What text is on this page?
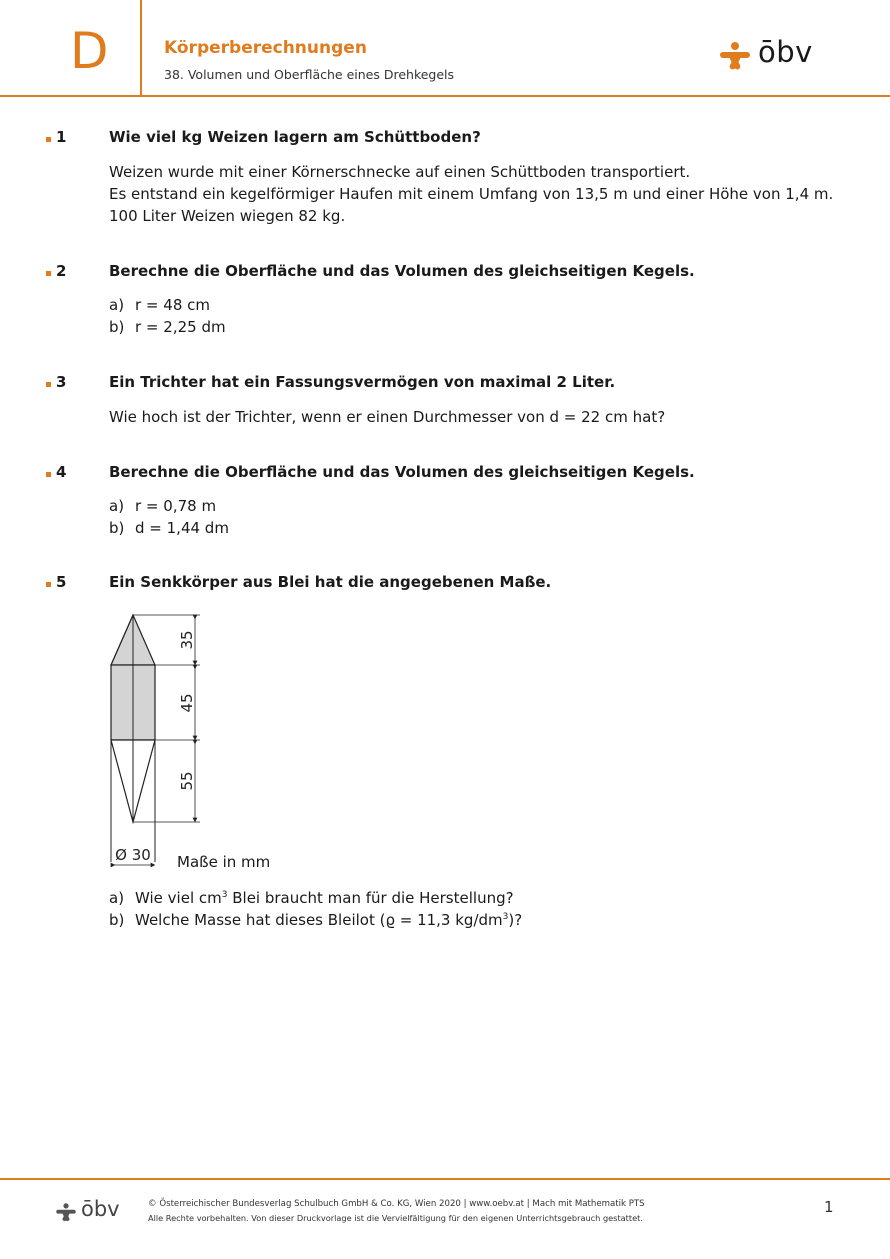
D	Körperberechnungen
38. Volumen und Oberfläche eines Drehkegels
ōbv
1	Wie viel kg Weizen lagern am Schüttboden?
Weizen wurde mit einer Körnerschnecke auf einen Schüttboden transportiert.
Es entstand ein kegelförmiger Haufen mit einem Umfang von 13,5 m und einer Höhe von 1,4 m.
100 Liter Weizen wiegen 82 kg.
2	Berechne die Oberfläche und das Volumen des gleichseitigen Kegels.
a) r = 48 cm
b) r = 2,25 dm
3	Ein Trichter hat ein Fassungsvermögen von maximal 2 Liter.
Wie hoch ist der Trichter, wenn er einen Durchmesser von d = 22 cm hat?
4	Berechne die Oberfläche und das Volumen des gleichseitigen Kegels.
a) r = 0,78 m
b) d = 1,44 dm
5	Ein Senkkörper aus Blei hat die angegebenen Maße.
35
45
55
Ø 30 Maße in mm
a) Wie viel $cm^3$ Blei braucht man für die Herstellung?
b) Welche Masse hat dieses Bleilot (ϱ = 11,3 $kg/dm^3$)?
ōbv	© Österreichischer Bundesverlag Schulbuch GmbH & Co. KG, Wien 2020 | www.oebv.at | Mach mit Mathematik PTS
Alle Rechte vorbehalten. Von dieser Druckvorlage ist die Vervielfältigung für den eigenen Unterrichtsgebrauch gestattet.
1
